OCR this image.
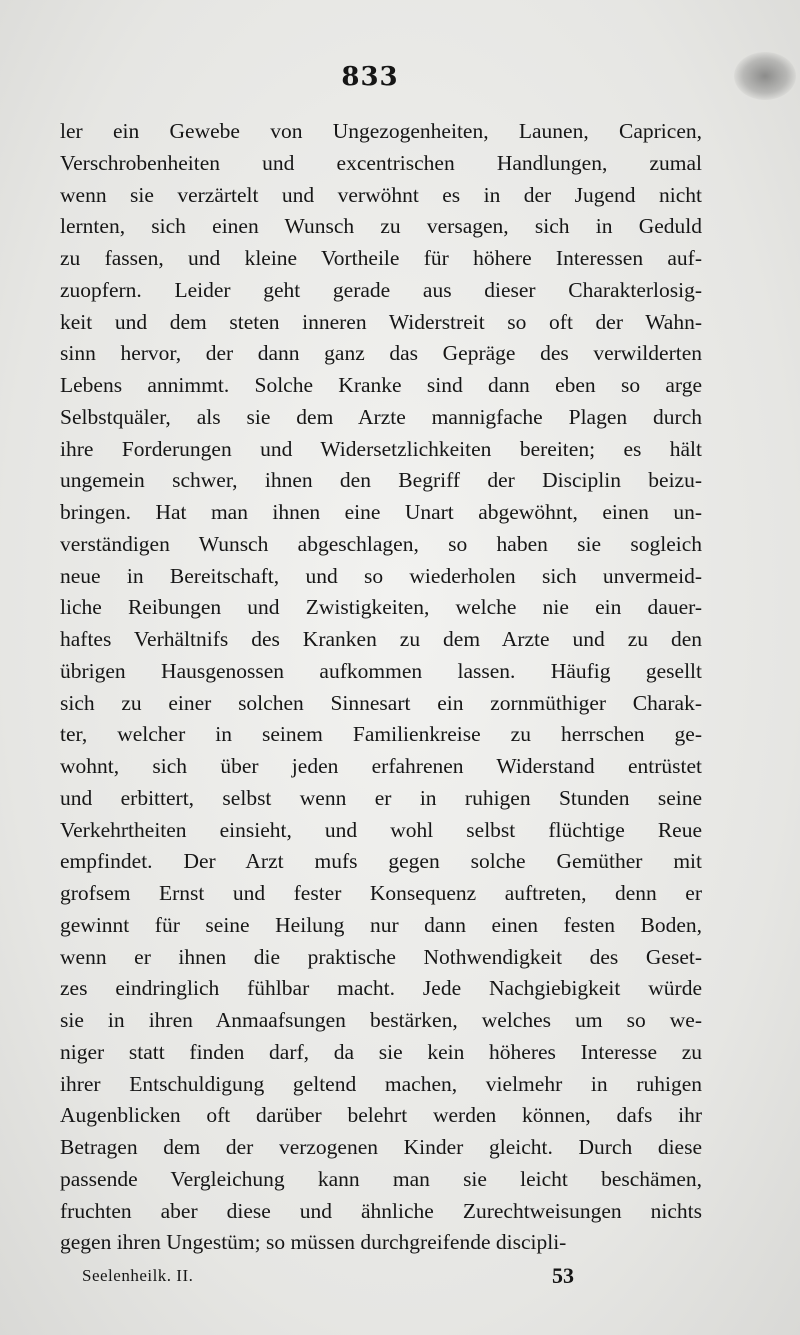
833
ler ein Gewebe von Ungezogenheiten, Launen, Capricen,
Verschrobenheiten und excentrischen Handlungen, zumal
wenn sie verzärtelt und verwöhnt es in der Jugend nicht
lernten, sich einen Wunsch zu versagen, sich in Geduld
zu fassen, und kleine Vortheile für höhere Interessen auf-
zuopfern. Leider geht gerade aus dieser Charakterlosig-
keit und dem steten inneren Widerstreit so oft der Wahn-
sinn hervor, der dann ganz das Gepräge des verwilderten
Lebens annimmt. Solche Kranke sind dann eben so arge
Selbstquäler, als sie dem Arzte mannigfache Plagen durch
ihre Forderungen und Widersetzlichkeiten bereiten; es hält
ungemein schwer, ihnen den Begriff der Disciplin beizu-
bringen. Hat man ihnen eine Unart abgewöhnt, einen un-
verständigen Wunsch abgeschlagen, so haben sie sogleich
neue in Bereitschaft, und so wiederholen sich unvermeid-
liche Reibungen und Zwistigkeiten, welche nie ein dauer-
haftes Verhältnifs des Kranken zu dem Arzte und zu den
übrigen Hausgenossen aufkommen lassen. Häufig gesellt
sich zu einer solchen Sinnesart ein zornmüthiger Charak-
ter, welcher in seinem Familienkreise zu herrschen ge-
wohnt, sich über jeden erfahrenen Widerstand entrüstet
und erbittert, selbst wenn er in ruhigen Stunden seine
Verkehrtheiten einsieht, und wohl selbst flüchtige Reue
empfindet. Der Arzt mufs gegen solche Gemüther mit
grofsem Ernst und fester Konsequenz auftreten, denn er
gewinnt für seine Heilung nur dann einen festen Boden,
wenn er ihnen die praktische Nothwendigkeit des Geset-
zes eindringlich fühlbar macht. Jede Nachgiebigkeit würde
sie in ihren Anmaafsungen bestärken, welches um so we-
niger statt finden darf, da sie kein höheres Interesse zu
ihrer Entschuldigung geltend machen, vielmehr in ruhigen
Augenblicken oft darüber belehrt werden können, dafs ihr
Betragen dem der verzogenen Kinder gleicht. Durch diese
passende Vergleichung kann man sie leicht beschämen,
fruchten aber diese und ähnliche Zurechtweisungen nichts
gegen ihren Ungestüm; so müssen durchgreifende discipli-
Seelenheilk. II.	53
